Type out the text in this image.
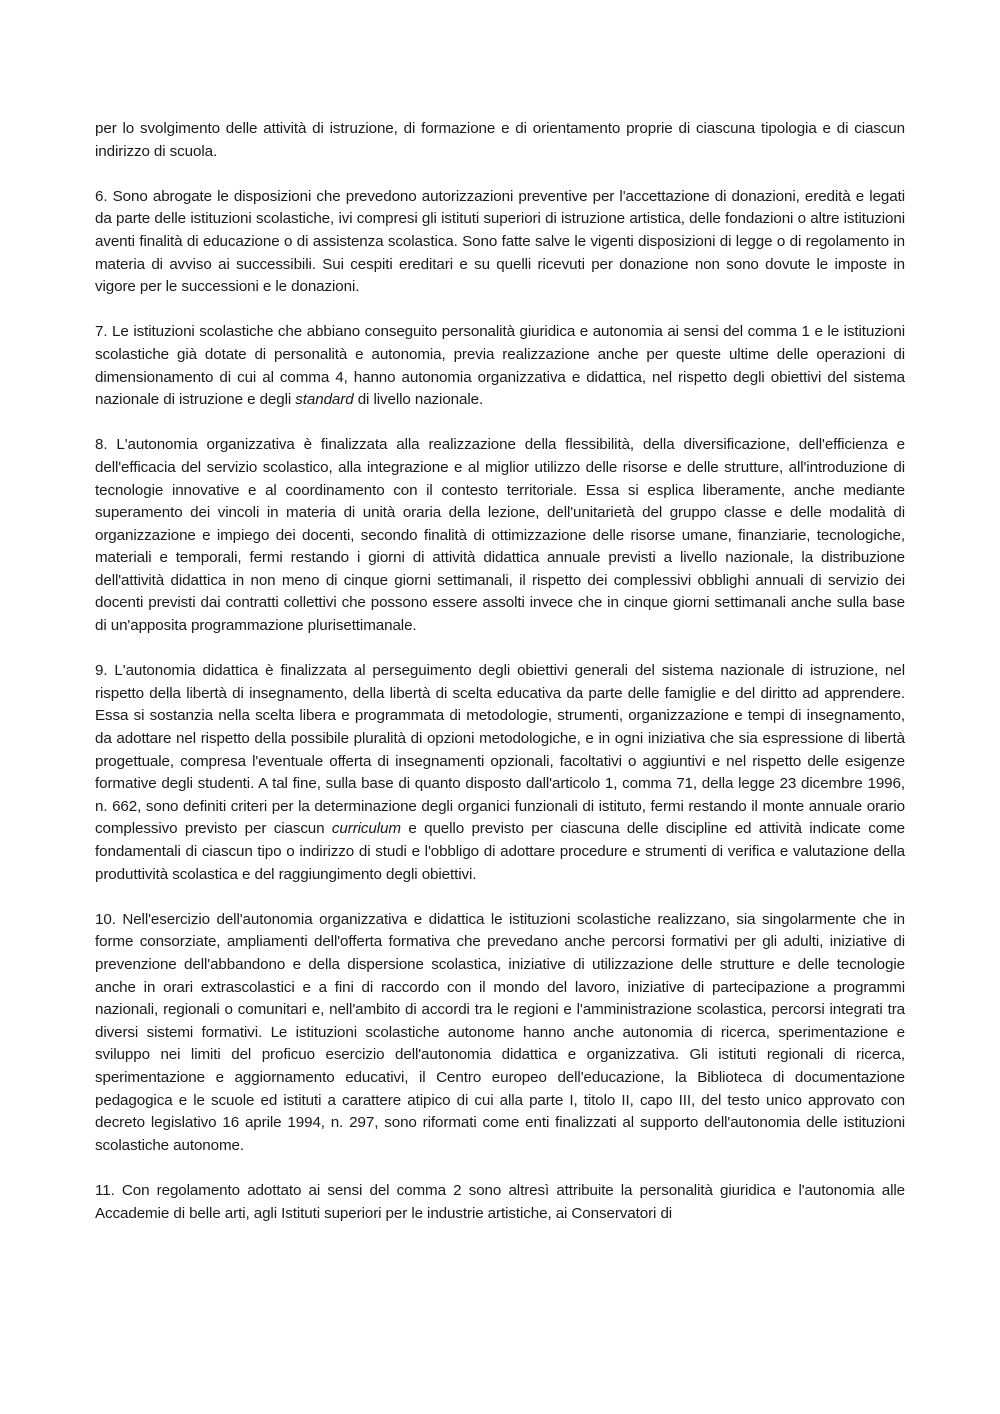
per lo svolgimento delle attività di istruzione, di formazione e di orientamento proprie di ciascuna tipologia e di ciascun indirizzo di scuola.

6. Sono abrogate le disposizioni che prevedono autorizzazioni preventive per l'accettazione di donazioni, eredità e legati da parte delle istituzioni scolastiche, ivi compresi gli istituti superiori di istruzione artistica, delle fondazioni o altre istituzioni aventi finalità di educazione o di assistenza scolastica. Sono fatte salve le vigenti disposizioni di legge o di regolamento in materia di avviso ai successibili. Sui cespiti ereditari e su quelli ricevuti per donazione non sono dovute le imposte in vigore per le successioni e le donazioni.

7. Le istituzioni scolastiche che abbiano conseguito personalità giuridica e autonomia ai sensi del comma 1 e le istituzioni scolastiche già dotate di personalità e autonomia, previa realizzazione anche per queste ultime delle operazioni di dimensionamento di cui al comma 4, hanno autonomia organizzativa e didattica, nel rispetto degli obiettivi del sistema nazionale di istruzione e degli standard di livello nazionale.

8. L'autonomia organizzativa è finalizzata alla realizzazione della flessibilità, della diversificazione, dell'efficienza e dell'efficacia del servizio scolastico, alla integrazione e al miglior utilizzo delle risorse e delle strutture, all'introduzione di tecnologie innovative e al coordinamento con il contesto territoriale. Essa si esplica liberamente, anche mediante superamento dei vincoli in materia di unità oraria della lezione, dell'unitarietà del gruppo classe e delle modalità di organizzazione e impiego dei docenti, secondo finalità di ottimizzazione delle risorse umane, finanziarie, tecnologiche, materiali e temporali, fermi restando i giorni di attività didattica annuale previsti a livello nazionale, la distribuzione dell'attività didattica in non meno di cinque giorni settimanali, il rispetto dei complessivi obblighi annuali di servizio dei docenti previsti dai contratti collettivi che possono essere assolti invece che in cinque giorni settimanali anche sulla base di un'apposita programmazione plurisettimanale.

9. L'autonomia didattica è finalizzata al perseguimento degli obiettivi generali del sistema nazionale di istruzione, nel rispetto della libertà di insegnamento, della libertà di scelta educativa da parte delle famiglie e del diritto ad apprendere. Essa si sostanzia nella scelta libera e programmata di metodologie, strumenti, organizzazione e tempi di insegnamento, da adottare nel rispetto della possibile pluralità di opzioni metodologiche, e in ogni iniziativa che sia espressione di libertà progettuale, compresa l'eventuale offerta di insegnamenti opzionali, facoltativi o aggiuntivi e nel rispetto delle esigenze formative degli studenti. A tal fine, sulla base di quanto disposto dall'articolo 1, comma 71, della legge 23 dicembre 1996, n. 662, sono definiti criteri per la determinazione degli organici funzionali di istituto, fermi restando il monte annuale orario complessivo previsto per ciascun curriculum e quello previsto per ciascuna delle discipline ed attività indicate come fondamentali di ciascun tipo o indirizzo di studi e l'obbligo di adottare procedure e strumenti di verifica e valutazione della produttività scolastica e del raggiungimento degli obiettivi.

10. Nell'esercizio dell'autonomia organizzativa e didattica le istituzioni scolastiche realizzano, sia singolarmente che in forme consorziate, ampliamenti dell'offerta formativa che prevedano anche percorsi formativi per gli adulti, iniziative di prevenzione dell'abbandono e della dispersione scolastica, iniziative di utilizzazione delle strutture e delle tecnologie anche in orari extrascolastici e a fini di raccordo con il mondo del lavoro, iniziative di partecipazione a programmi nazionali, regionali o comunitari e, nell'ambito di accordi tra le regioni e l'amministrazione scolastica, percorsi integrati tra diversi sistemi formativi. Le istituzioni scolastiche autonome hanno anche autonomia di ricerca, sperimentazione e sviluppo nei limiti del proficuo esercizio dell'autonomia didattica e organizzativa. Gli istituti regionali di ricerca, sperimentazione e aggiornamento educativi, il Centro europeo dell'educazione, la Biblioteca di documentazione pedagogica e le scuole ed istituti a carattere atipico di cui alla parte I, titolo II, capo III, del testo unico approvato con decreto legislativo 16 aprile 1994, n. 297, sono riformati come enti finalizzati al supporto dell'autonomia delle istituzioni scolastiche autonome.

11. Con regolamento adottato ai sensi del comma 2 sono altresì attribuite la personalità giuridica e l'autonomia alle Accademie di belle arti, agli Istituti superiori per le industrie artistiche, ai Conservatori di
